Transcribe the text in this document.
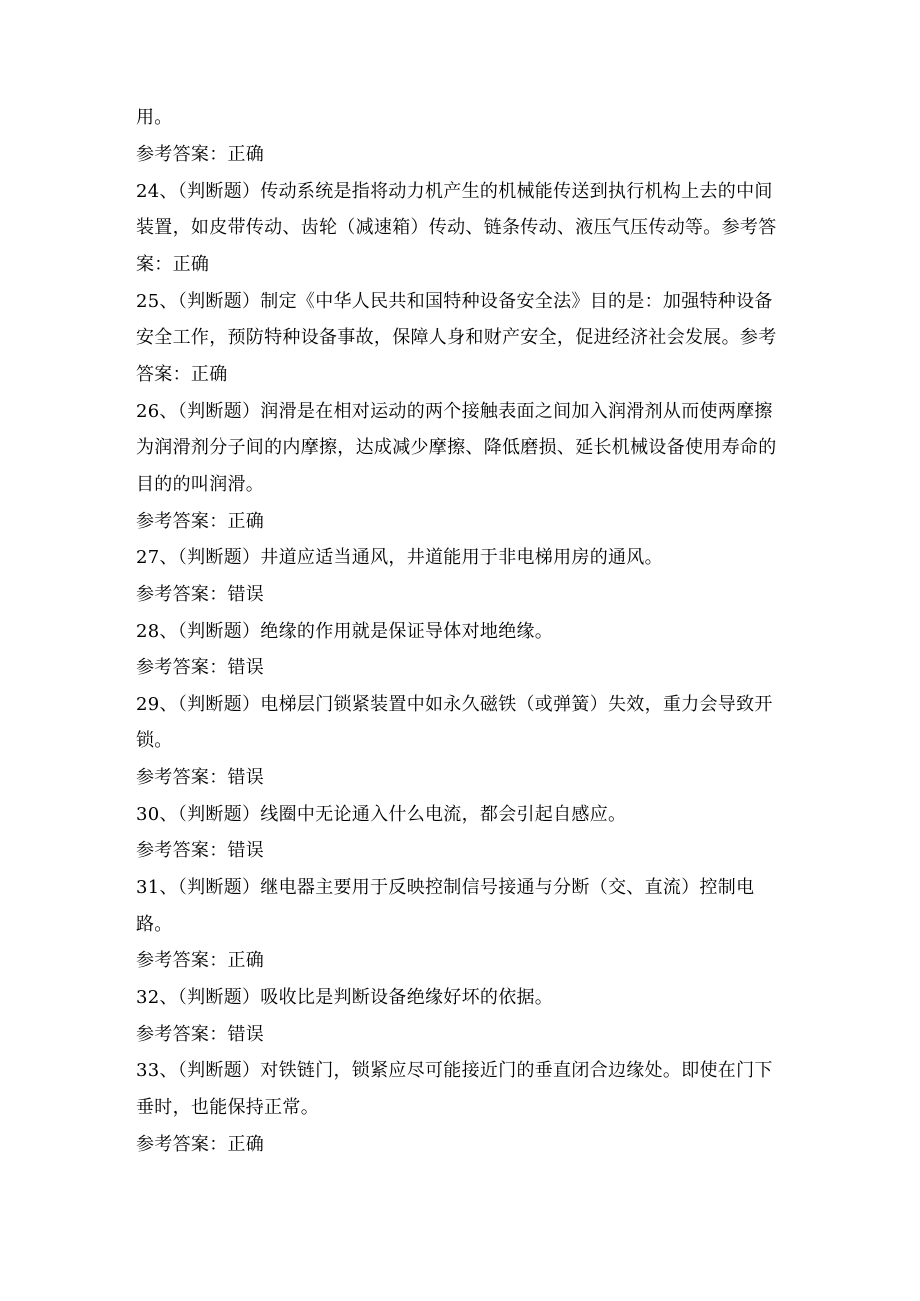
用。
参考答案：正确
24、（判断题）传动系统是指将动力机产生的机械能传送到执行机构上去的中间
装置，如皮带传动、齿轮（减速箱）传动、链条传动、液压气压传动等。参考答
案：正确
25、（判断题）制定《中华人民共和国特种设备安全法》目的是：加强特种设备
安全工作，预防特种设备事故，保障人身和财产安全，促进经济社会发展。参考
答案：正确
26、（判断题）润滑是在相对运动的两个接触表面之间加入润滑剂从而使两摩擦
为润滑剂分子间的内摩擦，达成减少摩擦、降低磨损、延长机械设备使用寿命的
目的的叫润滑。
参考答案：正确
27、（判断题）井道应适当通风，井道能用于非电梯用房的通风。
参考答案：错误
28、（判断题）绝缘的作用就是保证导体对地绝缘。
参考答案：错误
29、（判断题）电梯层门锁紧装置中如永久磁铁（或弹簧）失效，重力会导致开
锁。
参考答案：错误
30、（判断题）线圈中无论通入什么电流，都会引起自感应。
参考答案：错误
31、（判断题）继电器主要用于反映控制信号接通与分断（交、直流）控制电
路。
参考答案：正确
32、（判断题）吸收比是判断设备绝缘好坏的依据。
参考答案：错误
33、（判断题）对铁链门，锁紧应尽可能接近门的垂直闭合边缘处。即使在门下
垂时，也能保持正常。
参考答案：正确
